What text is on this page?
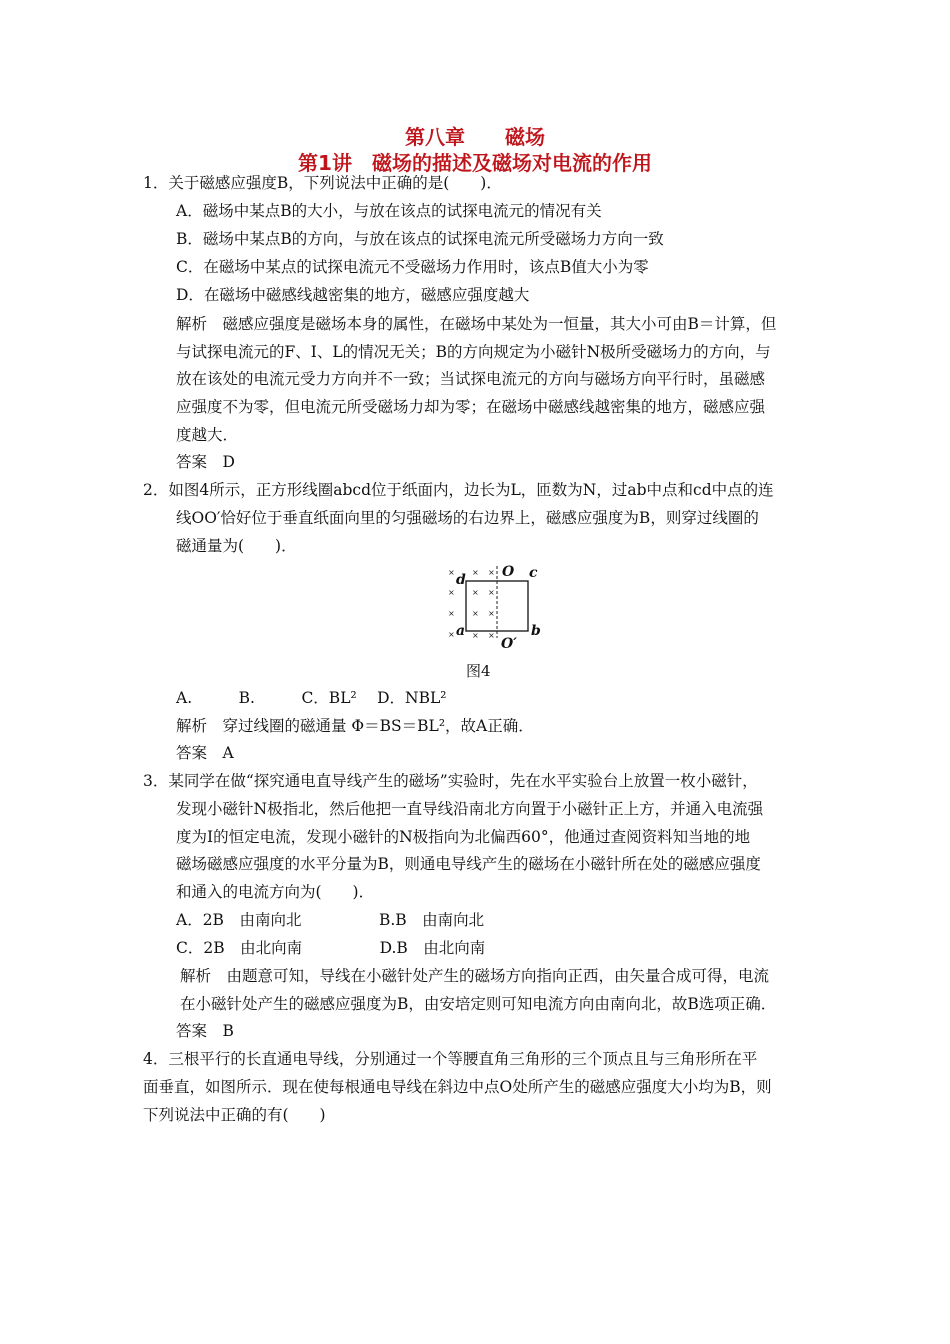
第八章　　磁场
第1讲　磁场的描述及磁场对电流的作用
1．关于磁感应强度B，下列说法中正确的是(　　)．
A．磁场中某点B的大小，与放在该点的试探电流元的情况有关
B．磁场中某点B的方向，与放在该点的试探电流元所受磁场力方向一致
C．在磁场中某点的试探电流元不受磁场力作用时，该点B值大小为零
D．在磁场中磁感线越密集的地方，磁感应强度越大
解析　磁感应强度是磁场本身的属性，在磁场中某处为一恒量，其大小可由B＝计算，但
与试探电流元的F、I、L的情况无关；B的方向规定为小磁针N极所受磁场力的方向，与
放在该处的电流元受力方向并不一致；当试探电流元的方向与磁场方向平行时，虽磁感
应强度不为零，但电流元所受磁场力却为零；在磁场中磁感线越密集的地方，磁感应强
度越大．
答案　D
2．如图4所示，正方形线圈abcd位于纸面内，边长为L，匝数为N，过ab中点和cd中点的连
线OO′恰好位于垂直纸面向里的匀强磁场的右边界上，磁感应强度为B，则穿过线圈的
磁通量为(　　)．
×
×
×
×
× ×
× ×
× ×
× ×
d
a	b
c
O
O′
图4
A.　　　B.　　　C．BL²　 D．NBL²
解析　穿过线圈的磁通量 Φ＝BS＝BL²，故A正确．
答案　A
3．某同学在做“探究通电直导线产生的磁场”实验时，先在水平实验台上放置一枚小磁针，
发现小磁针N极指北，然后他把一直导线沿南北方向置于小磁针正上方，并通入电流强
度为I的恒定电流，发现小磁针的N极指向为北偏西60°，他通过查阅资料知当地的地
磁场磁感应强度的水平分量为B，则通电导线产生的磁场在小磁针所在处的磁感应强度
和通入的电流方向为(　　)．
A．2B　由南向北　　　　　B.B　由南向北
C．2B　由北向南　　　　　D.B　由北向南
解析　由题意可知，导线在小磁针处产生的磁场方向指向正西，由矢量合成可得，电流
在小磁针处产生的磁感应强度为B，由安培定则可知电流方向由南向北，故B选项正确．
答案　B
4．三根平行的长直通电导线，分别通过一个等腰直角三角形的三个顶点且与三角形所在平
面垂直，如图所示．现在使每根通电导线在斜边中点O处所产生的磁感应强度大小均为B，则
下列说法中正确的有(　　)
